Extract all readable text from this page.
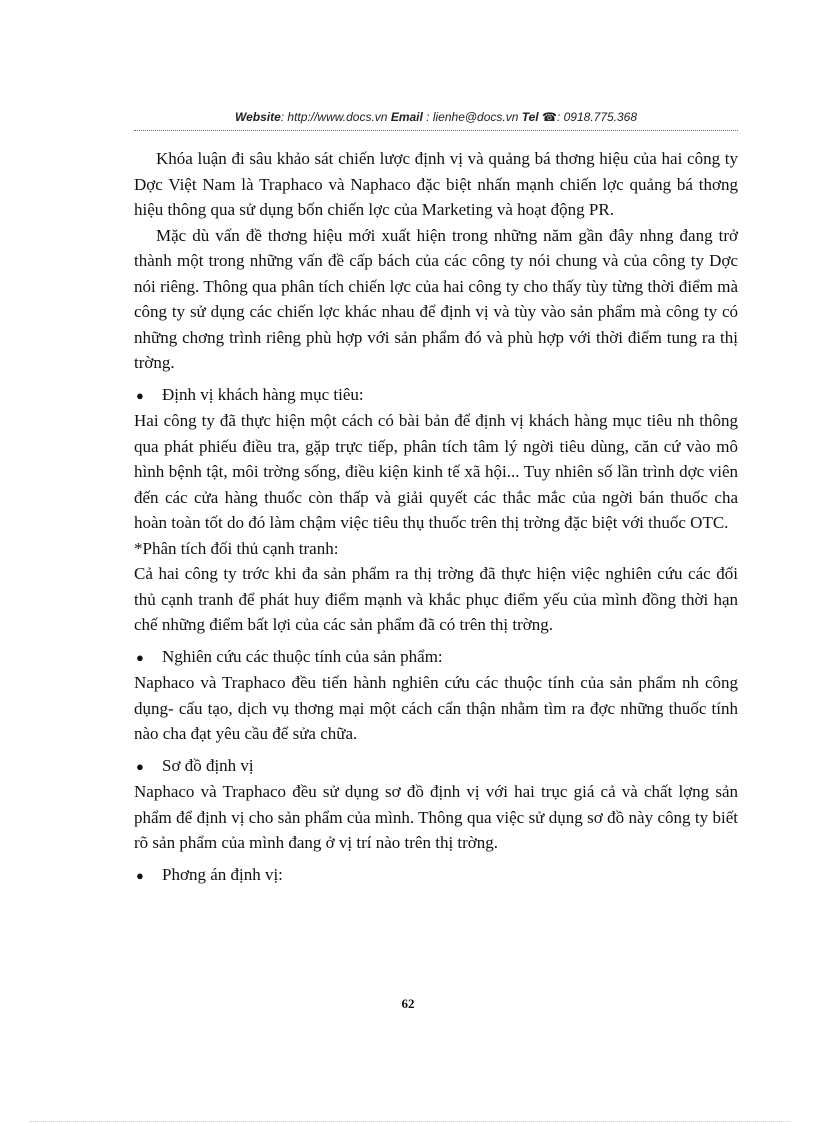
Website: http://www.docs.vn Email : lienhe@docs.vn Tel ☎: 0918.775.368

Khóa luận đi sâu khảo sát chiến lược định vị và quảng bá thơng hiệu của hai công ty Dợc Việt Nam là Traphaco và Naphaco đặc biệt nhấn mạnh chiến lợc quảng bá thơng hiệu thông qua sử dụng bốn chiến lợc của Marketing và hoạt động PR.

Mặc dù vấn đề thơng hiệu mới xuất hiện trong những năm gần đây nhng đang trở thành một trong những vấn đề cấp bách của các công ty nói chung và của công ty Dợc nói riêng. Thông qua phân tích chiến lợc của hai công ty cho thấy tùy từng thời điểm mà công ty sử dụng các chiến lợc khác nhau để định vị và tùy vào sản phẩm mà công ty có những chơng trình riêng phù hợp với sản phẩm đó và phù hợp với thời điểm tung ra thị trờng.

●	Định vị khách hàng mục tiêu:

Hai công ty đã thực hiện một cách có bài bản để định vị khách hàng mục tiêu nh thông qua phát phiếu điều tra, gặp trực tiếp, phân tích tâm lý ngời tiêu dùng, căn cứ vào mô hình bệnh tật, môi trờng sống, điều kiện kinh tế xã hội... Tuy nhiên số lần trình dợc viên đến các cửa hàng thuốc còn thấp và giải quyết các thắc mắc của ngời bán thuốc cha hoàn toàn tốt do đó làm chậm việc tiêu thụ thuốc trên thị trờng đặc biệt với thuốc OTC.

*Phân tích đối thủ cạnh tranh:

Cả hai công ty trớc khi đa sản phẩm ra thị trờng đã thực hiện việc nghiên cứu các đối thủ cạnh tranh để phát huy điểm mạnh và khắc phục điểm yếu của mình đồng thời hạn chế những điểm bất lợi của các sản phẩm đã có trên thị trờng.

●	Nghiên cứu các thuộc tính của sản phẩm:

Naphaco và Traphaco đều tiến hành nghiên cứu các thuộc tính của sản phẩm nh công dụng- cấu tạo, dịch vụ thơng mại một cách cẩn thận nhằm tìm ra đợc những thuốc tính nào cha đạt yêu cầu để sửa chữa.

●	Sơ đồ định vị

Naphaco và Traphaco đều sử dụng sơ đồ định vị với hai trục giá cả và chất lợng sản phẩm để định vị cho sản phẩm của mình. Thông qua việc sử dụng sơ đồ này công ty biết rõ sản phẩm của mình đang ở vị trí nào trên thị trờng.

●	Phơng án định vị:
62
